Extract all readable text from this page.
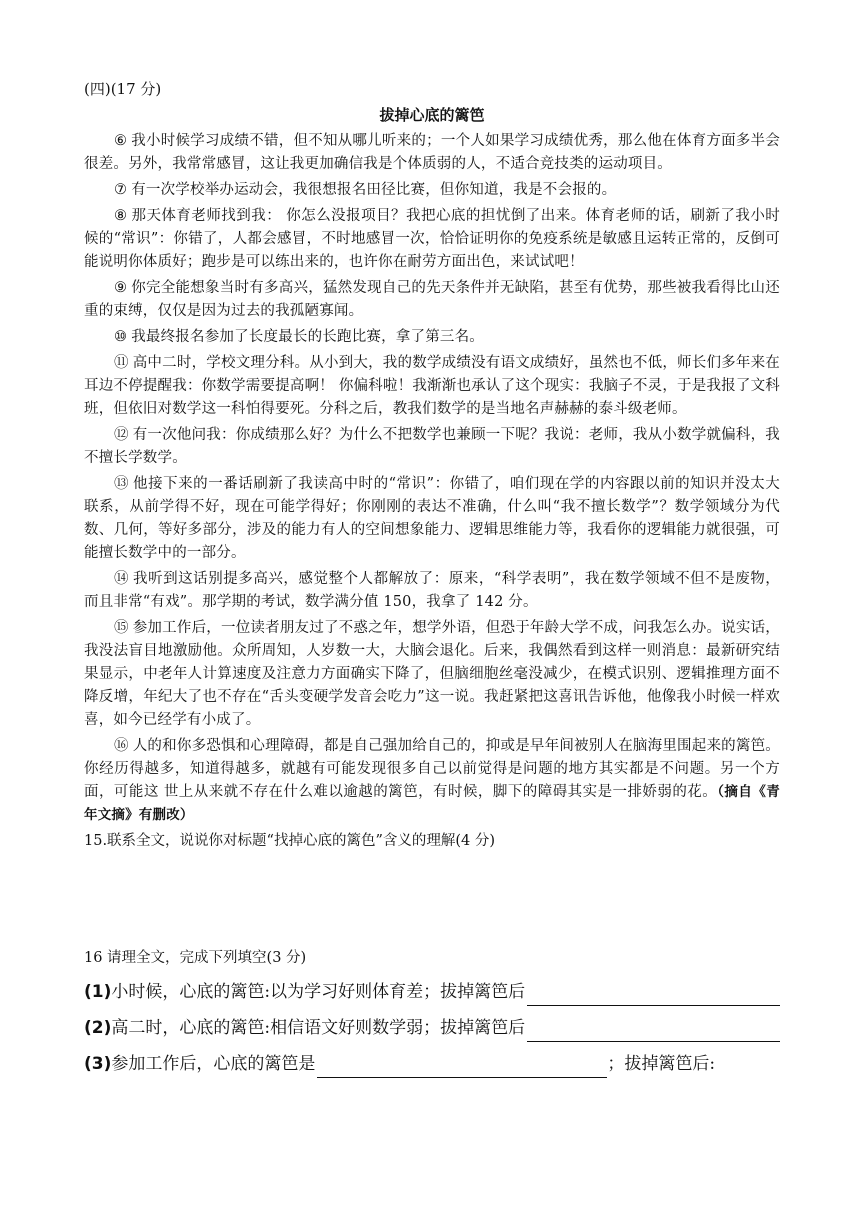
(四)(17 分)
拔掉心底的篱笆

⑥ 我小时候学习成绩不错，但不知从哪儿听来的；一个人如果学习成绩优秀，那么他在体育方面多半会很差。另外，我常常感冒，这让我更加确信我是个体质弱的人，不适合竞技类的运动项目。

⑦ 有一次学校举办运动会，我很想报名田径比赛，但你知道，我是不会报的。

⑧ 那天体育老师找到我： 你怎么没报项目？我把心底的担忧倒了出来。体育老师的话，刷新了我小时候的“常识”：你错了，人都会感冒，不时地感冒一次，恰恰证明你的免疫系统是敏感且运转正常的，反倒可能说明你体质好；跑步是可以练出来的，也许你在耐劳方面出色，来试试吧！

⑨ 你完全能想象当时有多高兴，猛然发现自己的先天条件并无缺陷，甚至有优势，那些被我看得比山还重的束缚，仅仅是因为过去的我孤陋寡闻。

⑩ 我最终报名参加了长度最长的长跑比赛，拿了第三名。

⑪ 高中二时，学校文理分科。从小到大，我的数学成绩没有语文成绩好，虽然也不低，师长们多年来在耳边不停提醒我：你数学需要提高啊！ 你偏科啦！我渐渐也承认了这个现实：我脑子不灵，于是我报了文科班，但依旧对数学这一科怕得要死。分科之后，教我们数学的是当地名声赫赫的泰斗级老师。

⑫ 有一次他问我：你成绩那么好？为什么不把数学也兼顾一下呢？我说：老师，我从小数学就偏科，我不擅长学数学。

⑬ 他接下来的一番话刷新了我读高中时的“常识”：你错了，咱们现在学的内容跟以前的知识并没太大联系，从前学得不好，现在可能学得好；你刚刚的表达不准确，什么叫“我不擅长数学”？数学领域分为代数、几何，等好多部分，涉及的能力有人的空间想象能力、逻辑思维能力等，我看你的逻辑能力就很强，可能擅长数学中的一部分。

⑭ 我听到这话别提多高兴，感觉整个人都解放了：原来，“科学表明”，我在数学领域不但不是废物，而且非常“有戏”。那学期的考试，数学满分值 150，我拿了 142 分。

⑮ 参加工作后，一位读者朋友过了不惑之年，想学外语，但恐于年龄大学不成，问我怎么办。说实话，我没法盲目地激励他。众所周知，人岁数一大，大脑会退化。后来，我偶然看到这样一则消息：最新研究结果显示，中老年人计算速度及注意力方面确实下降了，但脑细胞丝毫没减少，在模式识别、逻辑推理方面不降反增，年纪大了也不存在“舌头变硬学发音会吃力”这一说。我赶紧把这喜讯告诉他，他像我小时候一样欢喜，如今已经学有小成了。

⑯ 人的和你多恐惧和心理障碍，都是自己强加给自己的，抑或是早年间被别人在脑海里围起来的篱笆。你经历得越多，知道得越多，就越有可能发现很多自己以前觉得是问题的地方其实都是不问题。另一个方面，可能这 世上从来就不存在什么难以逾越的篱笆，有时候，脚下的障碍其实是一排娇弱的花。（摘自《青年文摘》有删改）

15.联系全文，说说你对标题“找掉心底的篱色”含义的理解(4 分)

16 请理全文，完成下列填空(3 分)

(1) 小时候，心底的篱笆:以为学习好则体育差；拔掉篱笆后
(2) 高二时，心底的篱笆:相信语文好则数学弱；拔掉篱笆后
(3) 参加工作后，心底的篱笆是	；拔掉篱笆后:
